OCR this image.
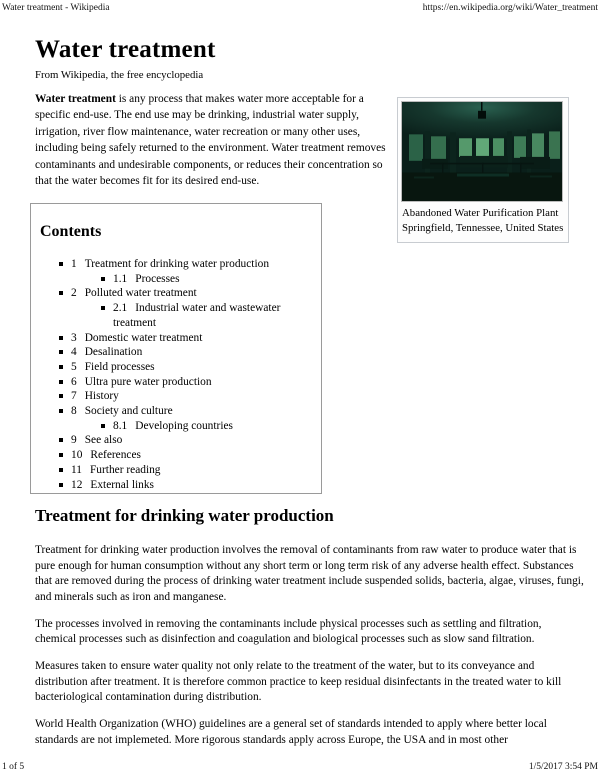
Water treatment - Wikipedia	https://en.wikipedia.org/wiki/Water_treatment
Water treatment
From Wikipedia, the free encyclopedia
Water treatment is any process that makes water more acceptable for a specific end-use. The end use may be drinking, industrial water supply, irrigation, river flow maintenance, water recreation or many other uses, including being safely returned to the environment. Water treatment removes contaminants and undesirable components, or reduces their concentration so that the water becomes fit for its desired end-use.
Abandoned Water Purification Plant Springfield, Tennessee, United States
Contents
1 Treatment for drinking water production
1.1 Processes
2 Polluted water treatment
2.1 Industrial water and wastewater treatment
3 Domestic water treatment
4 Desalination
5 Field processes
6 Ultra pure water production
7 History
8 Society and culture
8.1 Developing countries
9 See also
10 References
11 Further reading
12 External links
Treatment for drinking water production

Treatment for drinking water production involves the removal of contaminants from raw water to produce water that is pure enough for human consumption without any short term or long term risk of any adverse health effect. Substances that are removed during the process of drinking water treatment include suspended solids, bacteria, algae, viruses, fungi, and minerals such as iron and manganese.

The processes involved in removing the contaminants include physical processes such as settling and filtration, chemical processes such as disinfection and coagulation and biological processes such as slow sand filtration.

Measures taken to ensure water quality not only relate to the treatment of the water, but to its conveyance and distribution after treatment. It is therefore common practice to keep residual disinfectants in the treated water to kill bacteriological contamination during distribution.

World Health Organization (WHO) guidelines are a general set of standards intended to apply where better local standards are not implemeted. More rigorous standards apply across Europe, the USA and in most other

1 of 5	1/5/2017 3:54 PM
